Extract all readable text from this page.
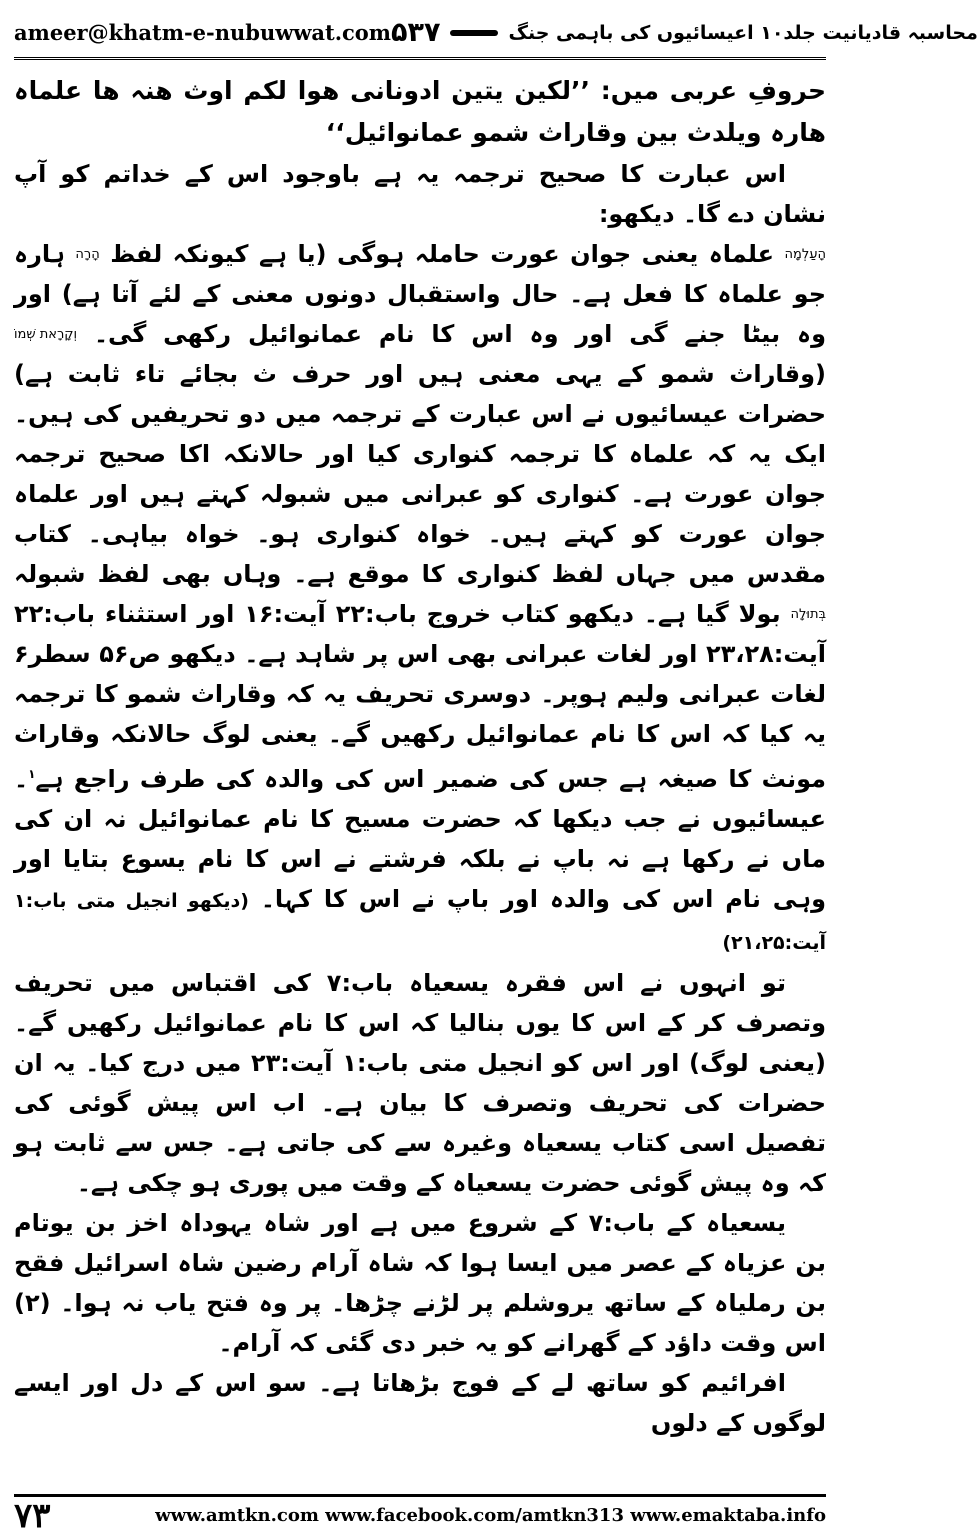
ameer@khatm-e-nubuwwat.com	محاسبہ قادیانیت جلد۱۰ اعیسائیوں کی باہمی جنگ
۵۳۷

حروفِ عربی میں: ’’لکین یتین ادونانی ھوا لکم اوث ھنہ ھا علماہ ھارہ ویلدث بین وقاراث شمو عمانوائیل‘‘

اس عبارت کا صحیح ترجمہ یہ ہے باوجود اس کے خداتم کو آپ نشان دے گا۔ دیکھو:

הָעַלְמָה علماہ یعنی جوان عورت حاملہ ہوگی (یا ہے کیونکہ لفظ הָרָה ہارہ جو علماہ کا فعل ہے۔ حال واستقبال دونوں معنی کے لئے آتا ہے) اور وہ بیٹا جنے گی اور وہ اس کا نام عمانوائیل رکھی گی۔ וְקָרָאת שְׁמוֹ (وقاراث شمو کے یہی معنی ہیں اور حرف ث بجائے تاء ثابت ہے) حضرات عیسائیوں نے اس عبارت کے ترجمہ میں دو تحریفیں کی ہیں۔ ایک یہ کہ علماہ کا ترجمہ کنواری کیا اور حالانکہ اکا صحیح ترجمہ جوان عورت ہے۔ کنواری کو عبرانی میں شبولہ کہتے ہیں اور علماہ جوان عورت کو کہتے ہیں۔ خواہ کنواری ہو۔ خواہ بیاہی۔ کتاب مقدس میں جہاں لفظ کنواری کا موقع ہے۔ وہاں بھی لفظ شبولہ בְּתוּלָה بولا گیا ہے۔ دیکھو کتاب خروج باب:۲۲ آیت:۱۶ اور استثناء باب:۲۲ آیت:۲۳،۲۸ اور لغات عبرانی بھی اس پر شاہد ہے۔ دیکھو ص۵۶ سطر۶ لغات عبرانی ولیم ہوپر۔ دوسری تحریف یہ کہ وقاراث شمو کا ترجمہ یہ کیا کہ اس کا نام عمانوائیل رکھیں گے۔ یعنی لوگ حالانکہ وقاراث مونث کا صیغہ ہے جس کی ضمیر اس کی والدہ کی طرف راجع ہے$^۱$۔ عیسائیوں نے جب دیکھا کہ حضرت مسیح کا نام عمانوائیل نہ ان کی ماں نے رکھا ہے نہ باپ نے بلکہ فرشتے نے اس کا نام یسوع بتایا اور وہی نام اس کی والدہ اور باپ نے اس کا کہا۔ (دیکھو انجیل متی باب:۱ آیت:۲۱،۲۵)

تو انہوں نے اس فقرہ یسعیاہ باب:۷ کی اقتباس میں تحریف وتصرف کر کے اس کا یوں بنالیا کہ اس کا نام عمانوائیل رکھیں گے۔ (یعنی لوگ) اور اس کو انجیل متی باب:۱ آیت:۲۳ میں درج کیا۔ یہ ان حضرات کی تحریف وتصرف کا بیان ہے۔ اب اس پیش گوئی کی تفصیل اسی کتاب یسعیاہ وغیرہ سے کی جاتی ہے۔ جس سے ثابت ہو کہ وہ پیش گوئی حضرت یسعیاہ کے وقت میں پوری ہو چکی ہے۔

یسعیاہ کے باب:۷ کے شروع میں ہے اور شاہ یہوداہ اخز بن یوتام بن عزیاہ کے عصر میں ایسا ہوا کہ شاہ آرام رضین شاہ اسرائیل فقح بن رملیاہ کے ساتھ یروشلم پر لڑنے چڑھا۔ پر وہ فتح یاب نہ ہوا۔ (۲) اس وقت داؤد کے گھرانے کو یہ خبر دی گئی کہ آرام۔

افرائیم کو ساتھ لے کے فوج بڑھاتا ہے۔ سو اس کے دل اور ایسے لوگوں کے دلوں

۷۳	www.amtkn.com www.facebook.com/amtkn313 www.emaktaba.info
